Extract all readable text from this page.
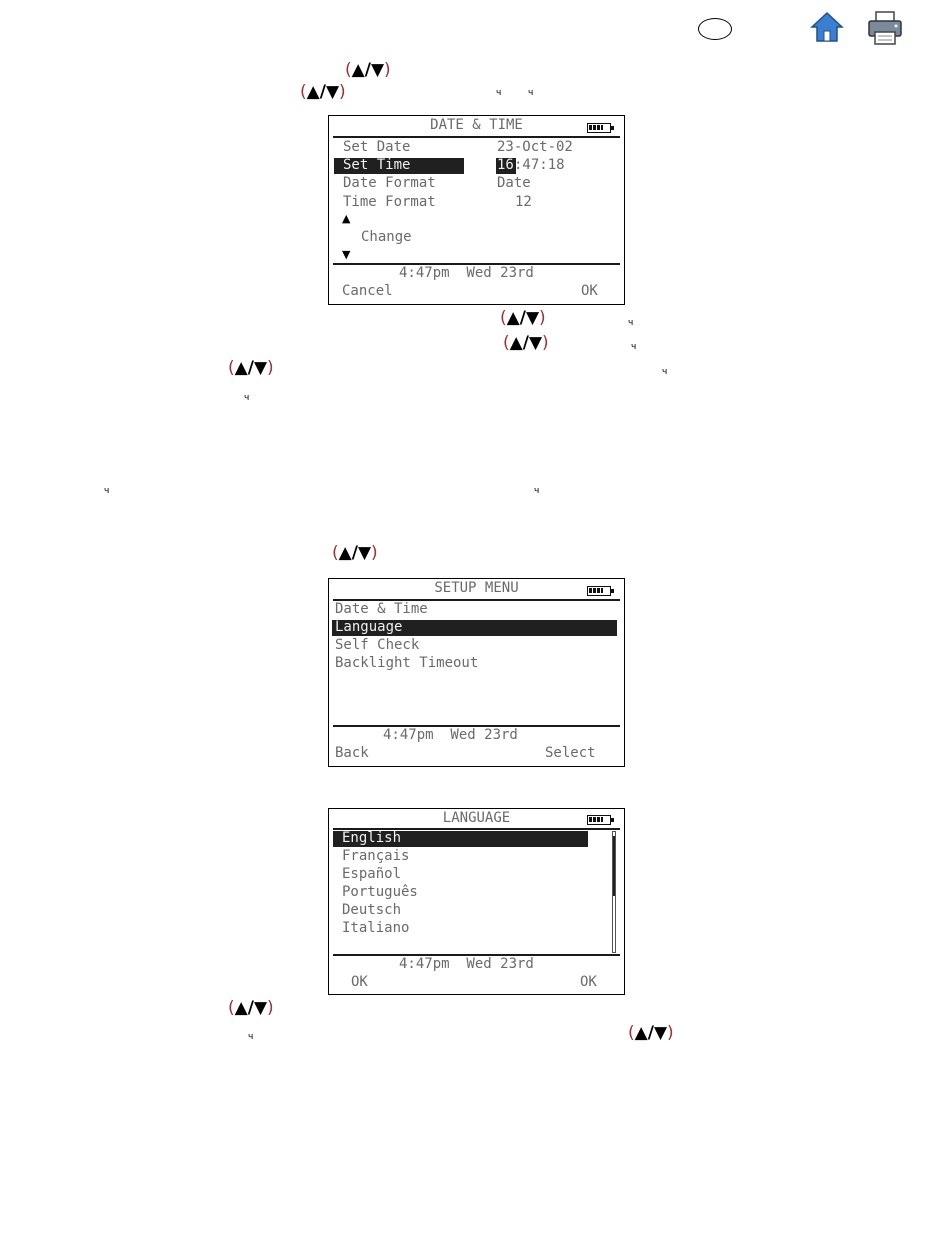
(▲/▼)
(▲/▼)	ч	ч
DATE & TIME
Set Date	23-Oct-02
Set Time	16 :47:18
Date Format	Date
Time Format	12
▲
Change
▼
4:47pm  Wed 23rd
Cancel	OK
(▲/▼)	ч
(▲/▼)	ч
(▲/▼)	ч
ч
ч	ч
(▲/▼)
SETUP MENU
Date & Time
Language
Self Check
Backlight Timeout
4:47pm  Wed 23rd
Back	Select
LANGUAGE
English
Français
Español
Português
Deutsch
Italiano
4:47pm  Wed 23rd
OK	OK
(▲/▼)
ч	(▲/▼)
